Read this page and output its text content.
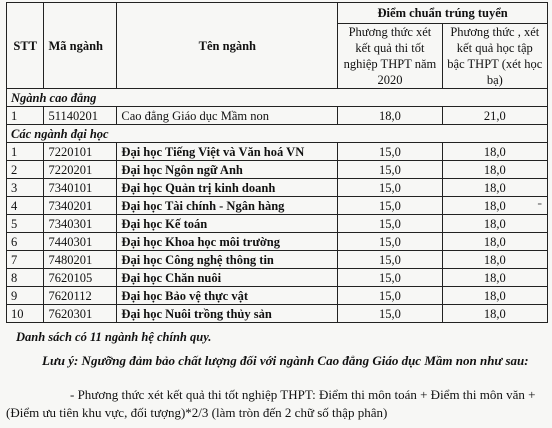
STT	Mã ngành	Tên ngành	Điểm chuẩn trúng tuyển	
			Phương thức xét kết quả thi tốt nghiệp THPT năm 2020	Phương thức , xét kết quả học tập bậc THPT (xét học bạ)
Ngành cao đẳng				
1	51140201	Cao đẳng Giáo dục Mầm non	18,0	21,0
Các ngành đại học				
1	7220101	Đại học Tiếng Việt và Văn hoá VN	15,0	18,0
2	7220201	Đại học Ngôn ngữ Anh	15,0	18,0
3	7340101	Đại học Quản trị kinh doanh	15,0	18,0
4	7340201	Đại học Tài chính - Ngân hàng	15,0	18,0
5	7340301	Đại học Kế toán	15,0	18,0
6	7440301	Đại học Khoa học môi trường	15,0	18,0
7	7480201	Đại học Công nghệ thông tin	15,0	18,0
8	7620105	Đại học Chăn nuôi	15,0	18,0
9	7620112	Đại học Bảo vệ thực vật	15,0	18,0
10	7620301	Đại học Nuôi trồng thủy sản	15,0	18,0
-
Danh sách có 11 ngành hệ chính quy.
Lưu ý: Ngưỡng đảm bảo chất lượng đối với ngành Cao đẳng Giáo dục Mầm non như sau:
- Phương thức xét kết quả thi tốt nghiệp THPT: Điểm thi môn toán + Điểm thi môn văn + (Điểm ưu tiên khu vực, đối tượng)*2/3 (làm tròn đến 2 chữ số thập phân)
